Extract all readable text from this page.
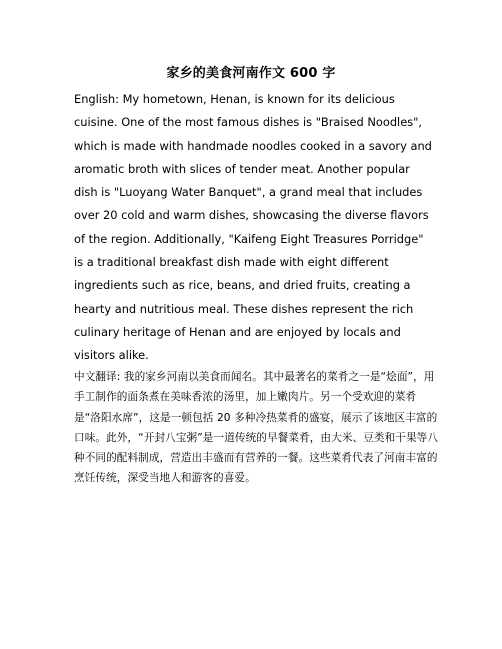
家乡的美食河南作文 600 字

English: My hometown, Henan, is known for its delicious cuisine. One of the most famous dishes is "Braised Noodles", which is made with handmade noodles cooked in a savory and aromatic broth with slices of tender meat. Another popular dish is "Luoyang Water Banquet", a grand meal that includes over 20 cold and warm dishes, showcasing the diverse flavors of the region. Additionally, "Kaifeng Eight Treasures Porridge" is a traditional breakfast dish made with eight different ingredients such as rice, beans, and dried fruits, creating a hearty and nutritious meal. These dishes represent the rich culinary heritage of Henan and are enjoyed by locals and visitors alike.

中文翻译: 我的家乡河南以美食而闻名。其中最著名的菜肴之一是“烩面”，用手工制作的面条煮在美味香浓的汤里，加上嫩肉片。另一个受欢迎的菜肴是“洛阳水席”，这是一顿包括 20 多种冷热菜肴的盛宴，展示了该地区丰富的口味。此外，“开封八宝粥”是一道传统的早餐菜肴，由大米、豆类和干果等八种不同的配料制成，营造出丰盛而有营养的一餐。这些菜肴代表了河南丰富的烹饪传统，深受当地人和游客的喜爱。
